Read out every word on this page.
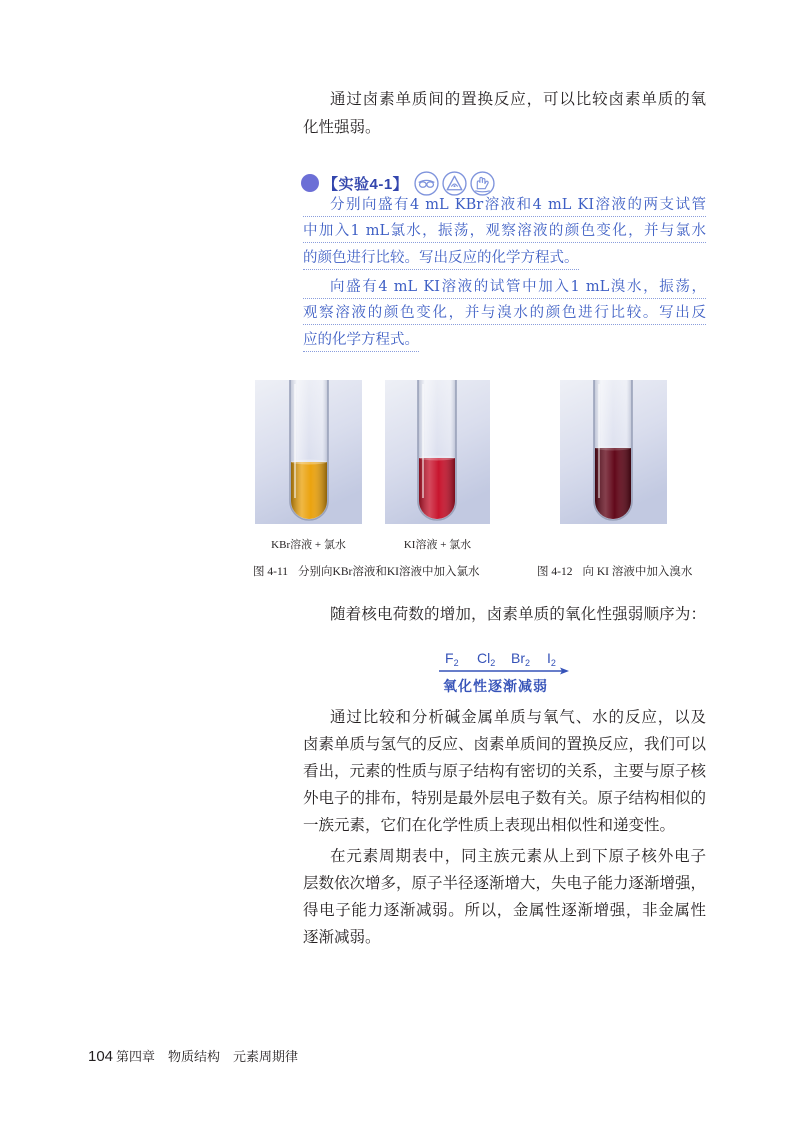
通过卤素单质间的置换反应，可以比较卤素单质的氧
化性强弱。
【实验4-1】
分别向盛有4 mL KBr溶液和4 mL KI溶液的两支试管
中加入1 mL氯水，振荡，观察溶液的颜色变化，并与氯水
的颜色进行比较。写出反应的化学方程式。
向盛有4 mL KI溶液的试管中加入1 mL溴水，振荡，
观察溶液的颜色变化，并与溴水的颜色进行比较。写出反
应的化学方程式。
KBr溶液 + 氯水	KI溶液 + 氯水
图 4-11 分别向KBr溶液和KI溶液中加入氯水	图 4-12 向 KI 溶液中加入溴水
随着核电荷数的增加，卤素单质的氧化性强弱顺序为：
$F_2$ $Cl_2$ $Br_2$ $I_2$
氧化性逐渐减弱
通过比较和分析碱金属单质与氧气、水的反应，以及
卤素单质与氢气的反应、卤素单质间的置换反应，我们可以
看出，元素的性质与原子结构有密切的关系，主要与原子核
外电子的排布，特别是最外层电子数有关。原子结构相似的
一族元素，它们在化学性质上表现出相似性和递变性。
在元素周期表中，同主族元素从上到下原子核外电子
层数依次增多，原子半径逐渐增大，失电子能力逐渐增强，
得电子能力逐渐减弱。所以，金属性逐渐增强，非金属性
逐渐减弱。
104 第四章　物质结构　元素周期律
